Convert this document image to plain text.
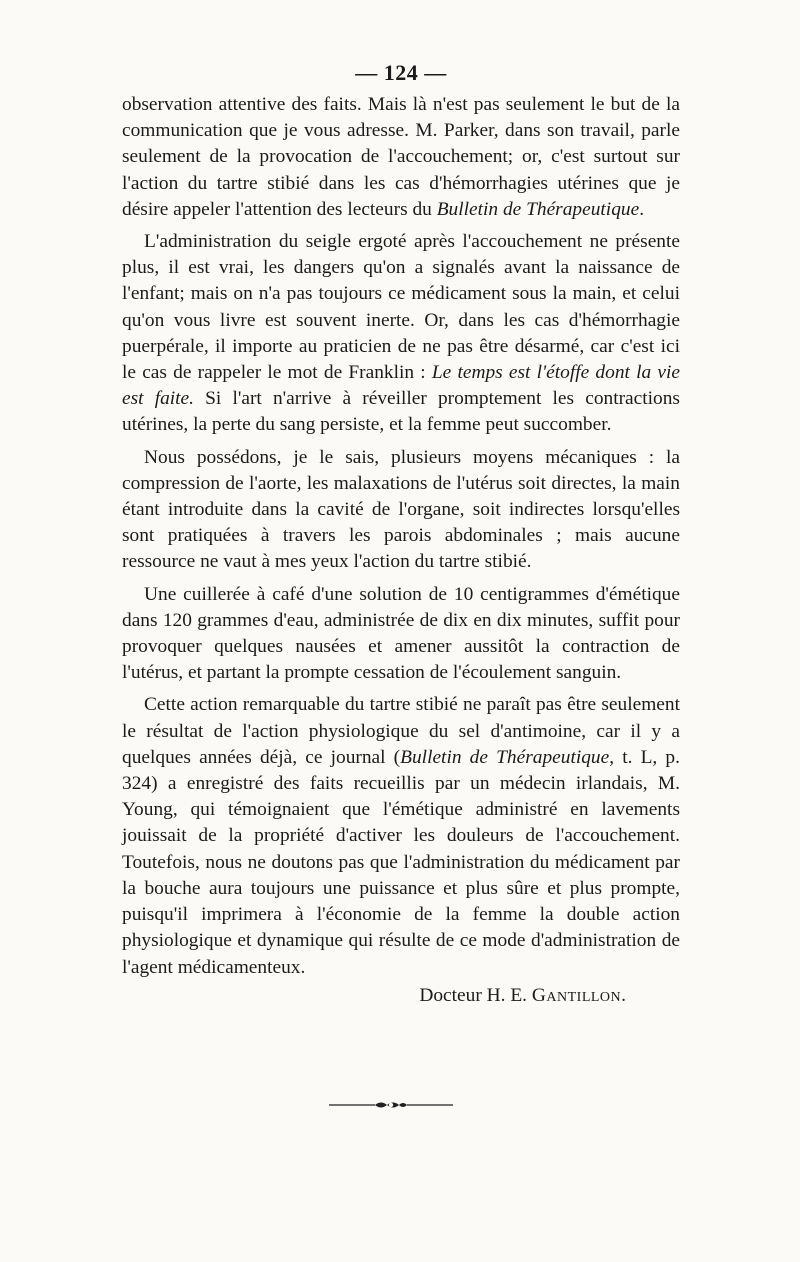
— 124 —

observation attentive des faits. Mais là n'est pas seulement le but de la communication que je vous adresse. M. Parker, dans son travail, parle seulement de la provocation de l'accouchement; or, c'est surtout sur l'action du tartre stibié dans les cas d'hémorrhagies utérines que je désire appeler l'attention des lecteurs du Bulletin de Thérapeutique.

L'administration du seigle ergoté après l'accouchement ne présente plus, il est vrai, les dangers qu'on a signalés avant la naissance de l'enfant; mais on n'a pas toujours ce médicament sous la main, et celui qu'on vous livre est souvent inerte. Or, dans les cas d'hémorrhagie puerpérale, il importe au praticien de ne pas être désarmé, car c'est ici le cas de rappeler le mot de Franklin : Le temps est l'étoffe dont la vie est faite. Si l'art n'arrive à réveiller promptement les contractions utérines, la perte du sang persiste, et la femme peut succomber.

Nous possédons, je le sais, plusieurs moyens mécaniques : la compression de l'aorte, les malaxations de l'utérus soit directes, la main étant introduite dans la cavité de l'organe, soit indirectes lorsqu'elles sont pratiquées à travers les parois abdominales ; mais aucune ressource ne vaut à mes yeux l'action du tartre stibié.

Une cuillerée à café d'une solution de 10 centigrammes d'émétique dans 120 grammes d'eau, administrée de dix en dix minutes, suffit pour provoquer quelques nausées et amener aussitôt la contraction de l'utérus, et partant la prompte cessation de l'écoulement sanguin.

Cette action remarquable du tartre stibié ne paraît pas être seulement le résultat de l'action physiologique du sel d'antimoine, car il y a quelques années déjà, ce journal (Bulletin de Thérapeutique, t. L, p. 324) a enregistré des faits recueillis par un médecin irlandais, M. Young, qui témoignaient que l'émétique administré en lavements jouissait de la propriété d'activer les douleurs de l'accouchement. Toutefois, nous ne doutons pas que l'administration du médicament par la bouche aura toujours une puissance et plus sûre et plus prompte, puisqu'il imprimera à l'économie de la femme la double action physiologique et dynamique qui résulte de ce mode d'administration de l'agent médicamenteux.

Docteur H. E. Gantillon.
